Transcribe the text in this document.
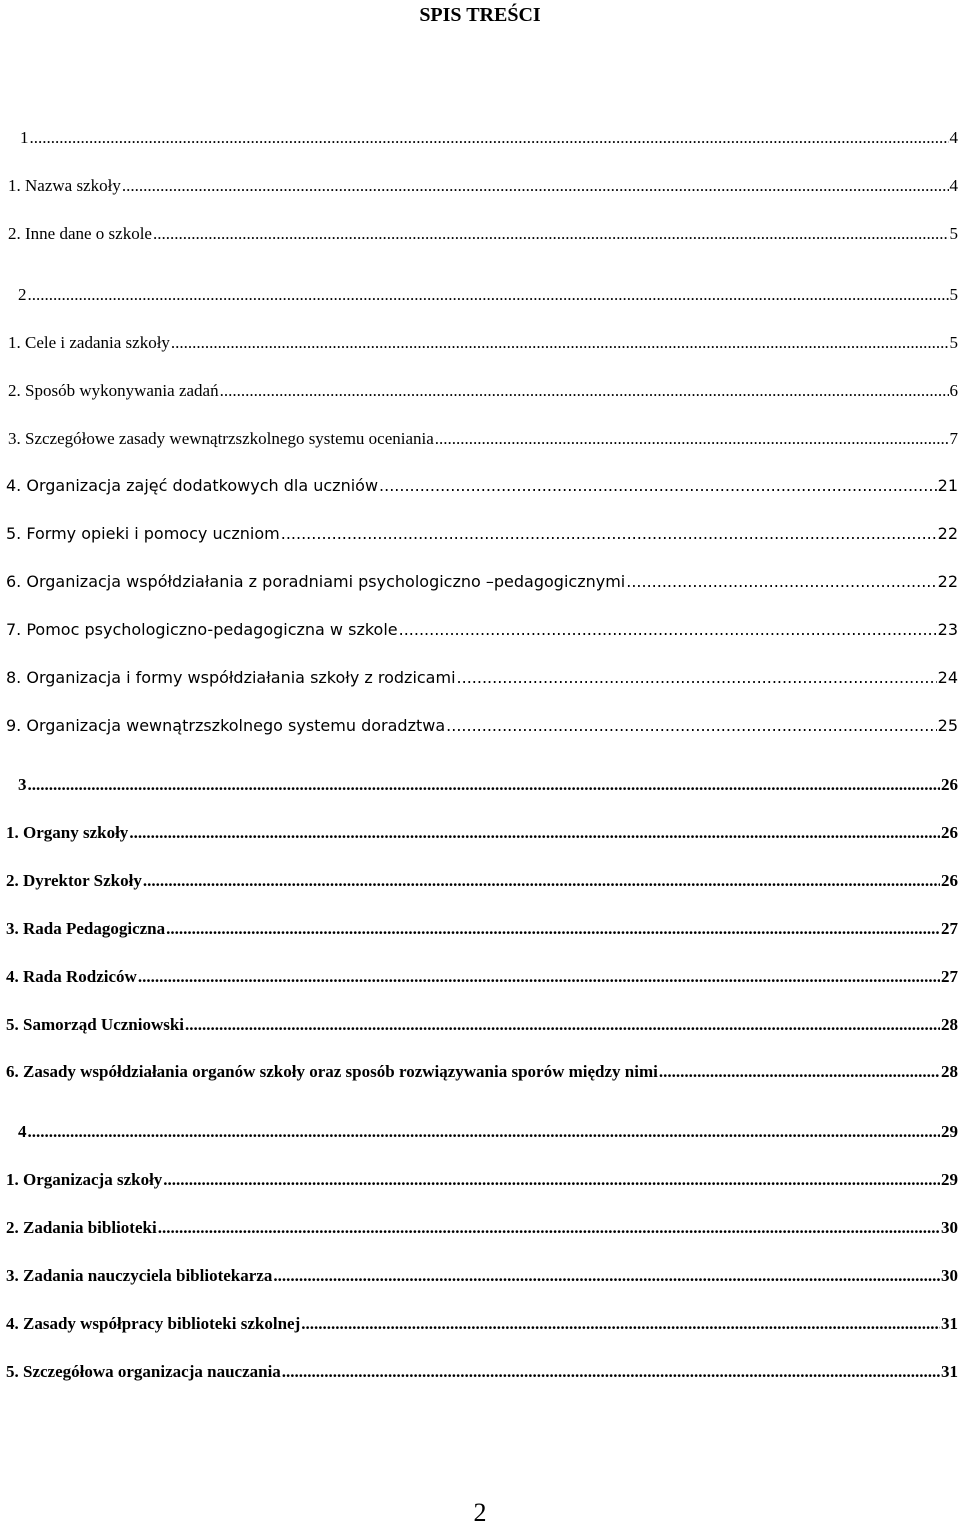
SPIS TREŚCI
1 .....	4
1. Nazwa szkoły .....	4
2. Inne dane o szkole .....	5
2 .....	5
1. Cele i zadania szkoły .....	5
2. Sposób wykonywania zadań .....	6
3. Szczegółowe zasady wewnątrzszkolnego systemu oceniania .....	7
4. Organizacja zajęć dodatkowych dla uczniów .....	21
5. Formy opieki i pomocy uczniom .....	22
6. Organizacja współdziałania z poradniami psychologiczno –pedagogicznymi .....	22
7. Pomoc psychologiczno-pedagogiczna w szkole .....	23
8. Organizacja i formy współdziałania szkoły z rodzicami .....	24
9. Organizacja wewnątrzszkolnego systemu doradztwa .....	25
3 .....	26
1. Organy szkoły .....	26
2. Dyrektor Szkoły .....	26
3. Rada Pedagogiczna .....	27
4. Rada Rodziców .....	27
5. Samorząd Uczniowski .....	28
6. Zasady współdziałania organów szkoły oraz sposób rozwiązywania sporów między nimi .....	28
4 .....	29
1. Organizacja szkoły .....	29
2. Zadania biblioteki .....	30
3. Zadania nauczyciela bibliotekarza .....	30
4. Zasady współpracy biblioteki szkolnej .....	31
5. Szczegółowa organizacja nauczania .....	31
2
